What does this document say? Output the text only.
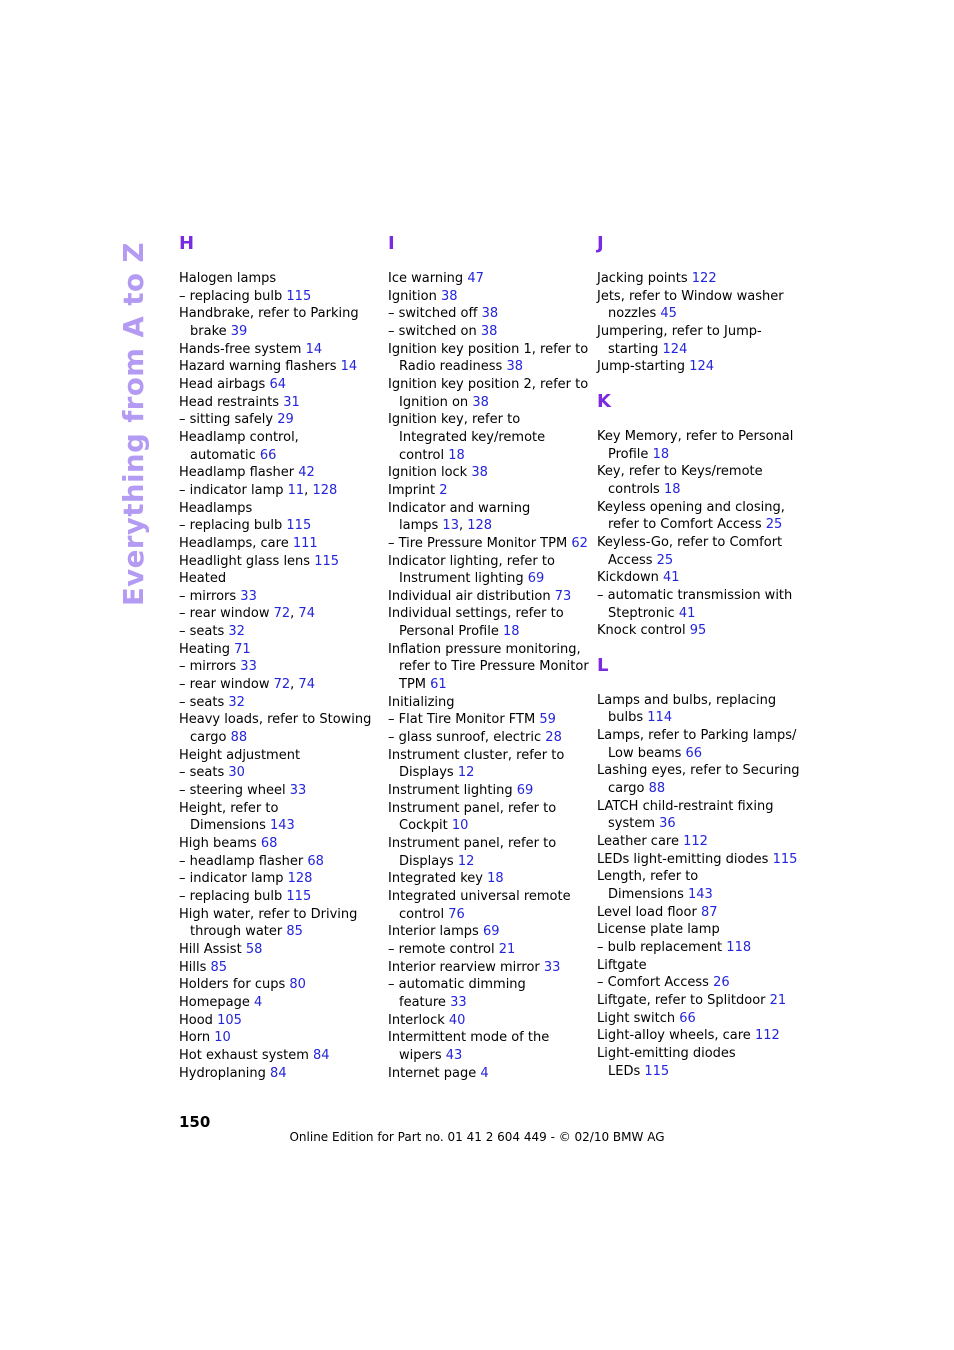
Everything from A to Z H
Halogen lamps
– replacing bulb 115
Handbrake, refer to Parking
brake 39
Hands-free system 14
Hazard warning flashers 14
Head airbags 64
Head restraints 31
– sitting safely 29
Headlamp control,
automatic 66
Headlamp flasher 42
– indicator lamp 11, 128
Headlamps
– replacing bulb 115
Headlamps, care 111
Headlight glass lens 115
Heated
– mirrors 33
– rear window 72, 74
– seats 32
Heating 71
– mirrors 33
– rear window 72, 74
– seats 32
Heavy loads, refer to Stowing
cargo 88
Height adjustment
– seats 30
– steering wheel 33
Height, refer to
Dimensions 143
High beams 68
– headlamp flasher 68
– indicator lamp 128
– replacing bulb 115
High water, refer to Driving
through water 85
Hill Assist 58
Hills 85
Holders for cups 80
Homepage 4
Hood 105
Horn 10
Hot exhaust system 84
Hydroplaning 84
I
Ice warning 47
Ignition 38
– switched off 38
– switched on 38
Ignition key position 1, refer to
Radio readiness 38
Ignition key position 2, refer to
Ignition on 38
Ignition key, refer to
Integrated key/remote
control 18
Ignition lock 38
Imprint 2
Indicator and warning
lamps 13, 128
– Tire Pressure Monitor TPM 62
Indicator lighting, refer to
Instrument lighting 69
Individual air distribution 73
Individual settings, refer to
Personal Profile 18
Inflation pressure monitoring,
refer to Tire Pressure Monitor
TPM 61
Initializing
– Flat Tire Monitor FTM 59
– glass sunroof, electric 28
Instrument cluster, refer to
Displays 12
Instrument lighting 69
Instrument panel, refer to
Cockpit 10
Instrument panel, refer to
Displays 12
Integrated key 18
Integrated universal remote
control 76
Interior lamps 69
– remote control 21
Interior rearview mirror 33
– automatic dimming
feature 33
Interlock 40
Intermittent mode of the
wipers 43
Internet page 4
J
Jacking points 122
Jets, refer to Window washer
nozzles 45
Jumpering, refer to Jump-
starting 124
Jump-starting 124
K
Key Memory, refer to Personal
Profile 18
Key, refer to Keys/remote
controls 18
Keyless opening and closing,
refer to Comfort Access 25
Keyless-Go, refer to Comfort
Access 25
Kickdown 41
– automatic transmission with
Steptronic 41
Knock control 95
L
Lamps and bulbs, replacing
bulbs 114
Lamps, refer to Parking lamps/
Low beams 66
Lashing eyes, refer to Securing
cargo 88
LATCH child-restraint fixing
system 36
Leather care 112
LEDs light-emitting diodes 115
Length, refer to
Dimensions 143
Level load floor 87
License plate lamp
– bulb replacement 118
Liftgate
– Comfort Access 26
Liftgate, refer to Splitdoor 21
Light switch 66
Light-alloy wheels, care 112
Light-emitting diodes
LEDs 115
150
Online Edition for Part no. 01 41 2 604 449 - © 02/10 BMW AG
